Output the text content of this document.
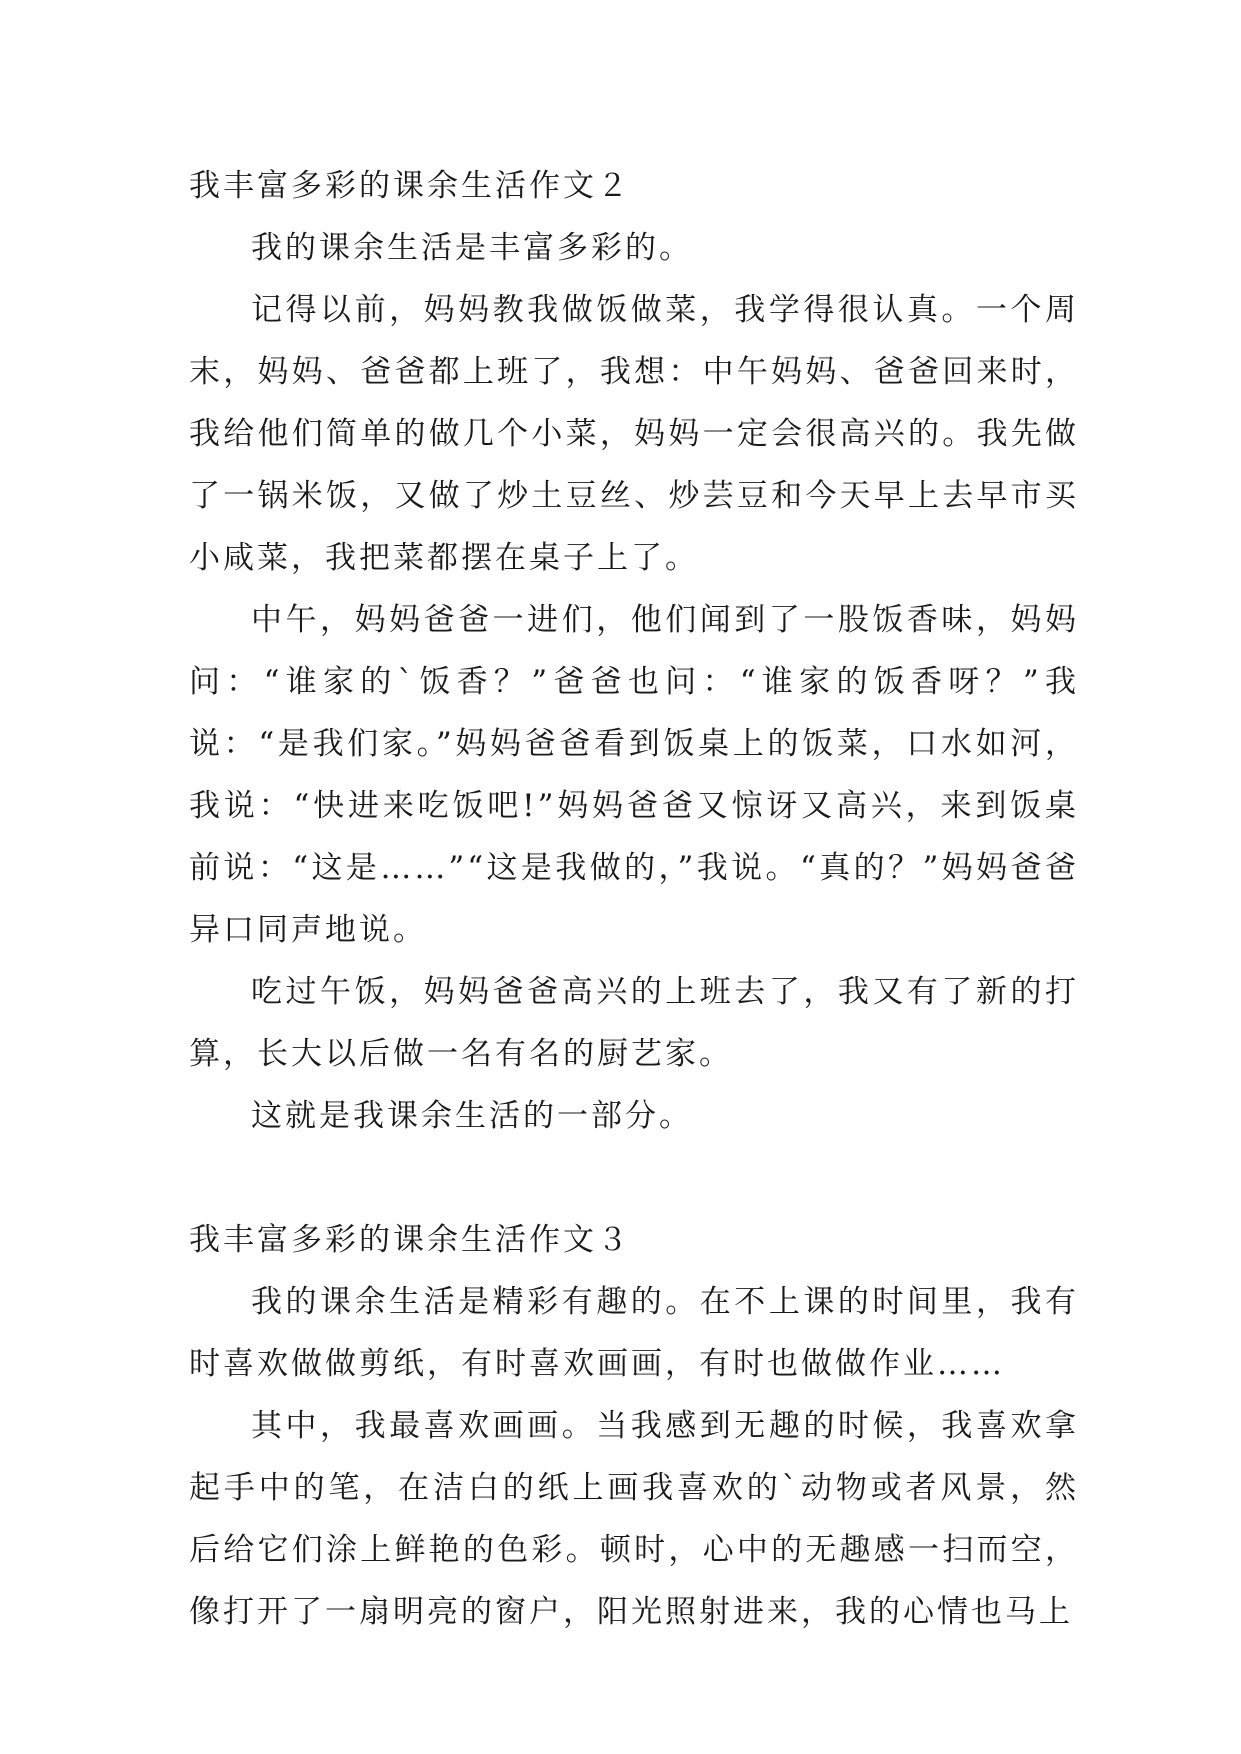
我丰富多彩的课余生活作文２

我的课余生活是丰富多彩的。

记得以前，妈妈教我做饭做菜，我学得很认真。一个周末，妈妈、爸爸都上班了，我想：中午妈妈、爸爸回来时，我给他们简单的做几个小菜，妈妈一定会很高兴的。我先做了一锅米饭，又做了炒土豆丝、炒芸豆和今天早上去早市买小咸菜，我把菜都摆在桌子上了。

中午，妈妈爸爸一进们，他们闻到了一股饭香味，妈妈问：“谁家的`饭香？”爸爸也问：“谁家的饭香呀？”我说：“是我们家。”妈妈爸爸看到饭桌上的饭菜，口水如河，我说：“快进来吃饭吧!”妈妈爸爸又惊讶又高兴，来到饭桌前说：“这是……”“这是我做的，”我说。“真的？”妈妈爸爸异口同声地说。

吃过午饭，妈妈爸爸高兴的上班去了，我又有了新的打算，长大以后做一名有名的厨艺家。

这就是我课余生活的一部分。

我丰富多彩的课余生活作文３

我的课余生活是精彩有趣的。在不上课的时间里，我有时喜欢做做剪纸，有时喜欢画画，有时也做做作业……

其中，我最喜欢画画。当我感到无趣的时候，我喜欢拿起手中的笔，在洁白的纸上画我喜欢的`动物或者风景，然后给它们涂上鲜艳的色彩。顿时，心中的无趣感一扫而空，像打开了一扇明亮的窗户，阳光照射进来，我的心情也马上
